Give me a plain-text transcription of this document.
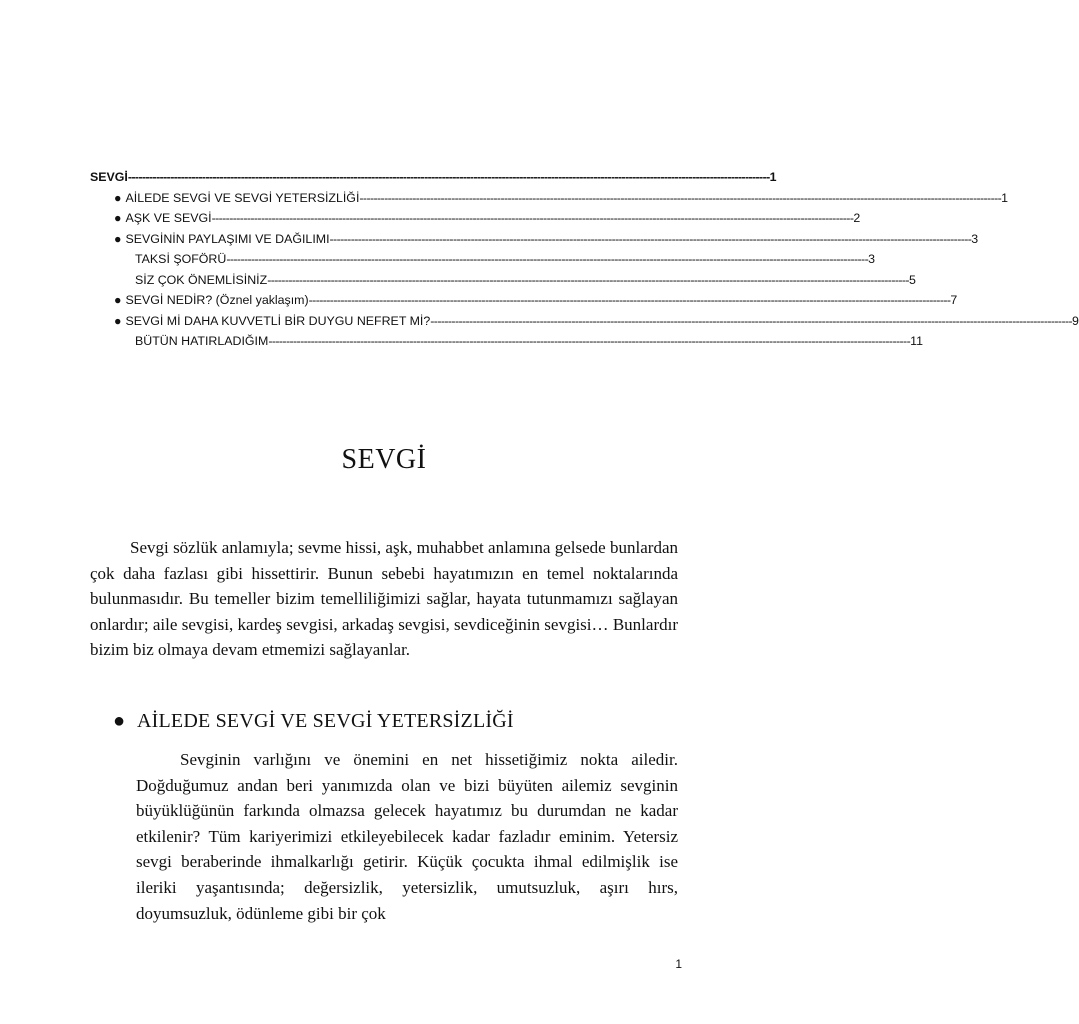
SEVGİ -------------------------------------------------------------------------------------------------------------------------------------------------------------------------------------- 1
● AİLEDE SEVGİ VE SEVGİ YETERSİZLİĞİ -------------------------------------------------------------------------------------------------------------------------------------------------------------------------------------- 1
● AŞK VE SEVGİ -------------------------------------------------------------------------------------------------------------------------------------------------------------------------------------- 2
● SEVGİNİN PAYLAŞIMI VE DAĞILIMI -------------------------------------------------------------------------------------------------------------------------------------------------------------------------------------- 3
TAKSİ ŞOFÖRÜ -------------------------------------------------------------------------------------------------------------------------------------------------------------------------------------- 3
SİZ ÇOK ÖNEMLİSİNİZ -------------------------------------------------------------------------------------------------------------------------------------------------------------------------------------- 5
● SEVGİ NEDİR? (Öznel yaklaşım) -------------------------------------------------------------------------------------------------------------------------------------------------------------------------------------- 7
● SEVGİ Mİ DAHA KUVVETLİ BİR DUYGU NEFRET Mİ? -------------------------------------------------------------------------------------------------------------------------------------------------------------------------------------- 9
BÜTÜN HATIRLADIĞIM -------------------------------------------------------------------------------------------------------------------------------------------------------------------------------------- 11
SEVGİ

Sevgi sözlük anlamıyla; sevme hissi, aşk, muhabbet anlamına gelsede bunlardan çok daha fazlası gibi hissettirir. Bunun sebebi hayatımızın en temel noktalarında bulunmasıdır. Bu temeller bizim temelliliğimizi sağlar, hayata tutunmamızı sağlayan onlardır; aile sevgisi, kardeş sevgisi, arkadaş sevgisi, sevdiceğinin sevgisi… Bunlardır bizim biz olmaya devam etmemizi sağlayanlar.

● AİLEDE SEVGİ VE SEVGİ YETERSİZLİĞİ

Sevginin varlığını ve önemini en net hissetiğimiz nokta ailedir. Doğduğumuz andan beri yanımızda olan ve bizi büyüten ailemiz sevginin büyüklüğünün farkında olmazsa gelecek hayatımız bu durumdan ne kadar etkilenir? Tüm kariyerimizi etkileyebilecek kadar fazladır eminim. Yetersiz sevgi beraberinde ihmalkarlığı getirir. Küçük çocukta ihmal edilmişlik ise ileriki yaşantısında; değersizlik, yetersizlik, umutsuzluk, aşırı hırs, doyumsuzluk, ödünleme gibi bir çok

1
